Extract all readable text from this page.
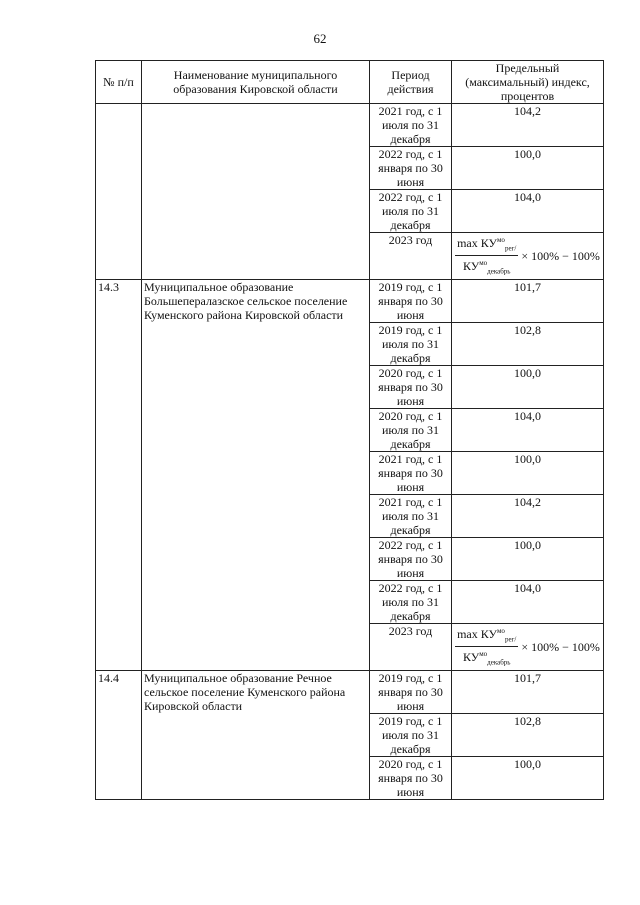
62
№ п/п	Наименование муниципального образования Кировской области	Период действия	Предельный (максимальный) индекс, процентов
		2021 год, с 1 июля по 31 декабря	104,2
		2022 год, с 1 января по 30 июня	100,0
		2022 год, с 1 июля по 31 декабря	104,0
		2023 год	$\frac{\max КУ^{мо}_{рег/}}{КУ^{мо}_{декабрь}} \times 100\% - 100\%$

14.3	Муниципальное образование Большепералазское сельское поселение Куменского района Кировской области	2019 год, с 1 января по 30 июня	101,7
		2019 год, с 1 июля по 31 декабря	102,8
		2020 год, с 1 января по 30 июня	100,0
		2020 год, с 1 июля по 31 декабря	104,0
		2021 год, с 1 января по 30 июня	100,0
		2021 год, с 1 июля по 31 декабря	104,2
		2022 год, с 1 января по 30 июня	100,0
		2022 год, с 1 июля по 31 декабря	104,0
		2023 год	$\frac{\max КУ^{мо}_{рег/}}{КУ^{мо}_{декабрь}} \times 100\% - 100\%$

14.4	Муниципальное образование Речное сельское поселение Куменского района Кировской области	2019 год, с 1 января по 30 июня	101,7
		2019 год, с 1 июля по 31 декабря	102,8
		2020 год, с 1 января по 30 июня	100,0
